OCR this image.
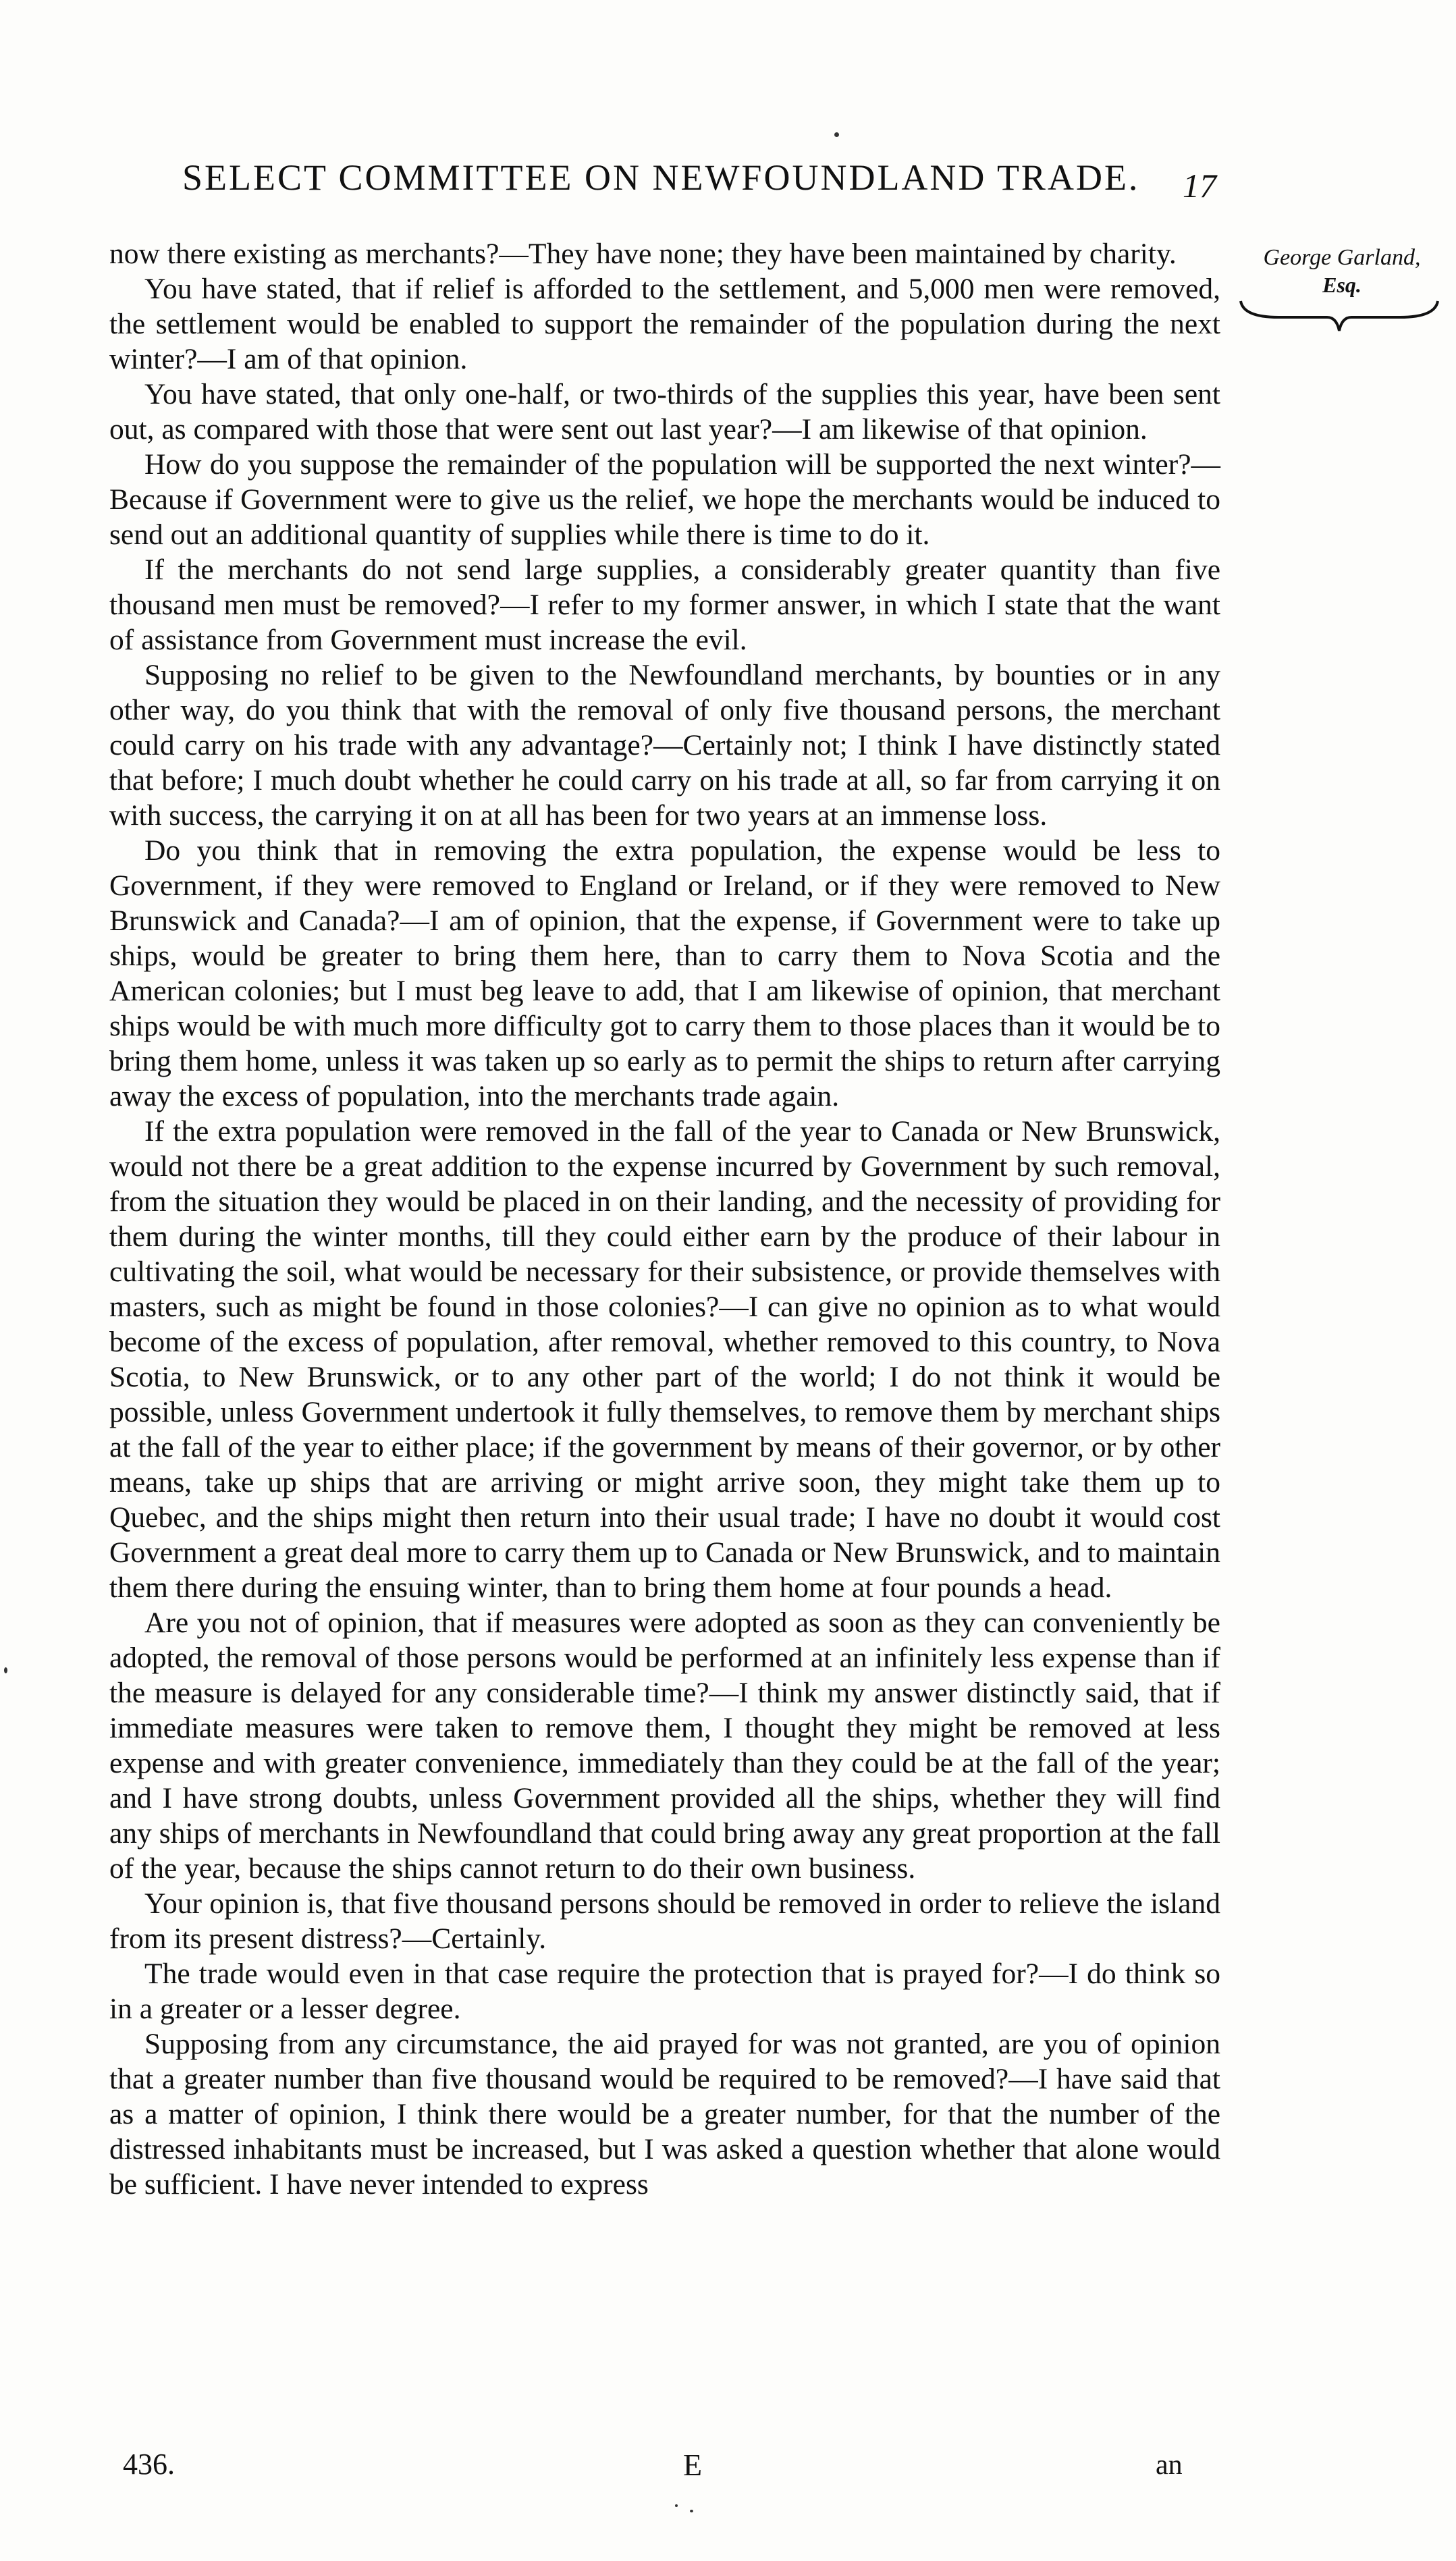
SELECT COMMITTEE ON NEWFOUNDLAND TRADE. 17
George Garland,
Esq.

now there existing as merchants?—They have none; they have been maintained by charity.

You have stated, that if relief is afforded to the settlement, and 5,000 men were removed, the settlement would be enabled to support the remainder of the population during the next winter?—I am of that opinion.

You have stated, that only one-half, or two-thirds of the supplies this year, have been sent out, as compared with those that were sent out last year?—I am likewise of that opinion.

How do you suppose the remainder of the population will be supported the next winter?—Because if Government were to give us the relief, we hope the merchants would be induced to send out an additional quantity of supplies while there is time to do it.

If the merchants do not send large supplies, a considerably greater quantity than five thousand men must be removed?—I refer to my former answer, in which I state that the want of assistance from Government must increase the evil.

Supposing no relief to be given to the Newfoundland merchants, by bounties or in any other way, do you think that with the removal of only five thousand persons, the merchant could carry on his trade with any advantage?—Certainly not; I think I have distinctly stated that before; I much doubt whether he could carry on his trade at all, so far from carrying it on with success, the carrying it on at all has been for two years at an immense loss.

Do you think that in removing the extra population, the expense would be less to Government, if they were removed to England or Ireland, or if they were removed to New Brunswick and Canada?—I am of opinion, that the expense, if Government were to take up ships, would be greater to bring them here, than to carry them to Nova Scotia and the American colonies; but I must beg leave to add, that I am likewise of opinion, that merchant ships would be with much more difficulty got to carry them to those places than it would be to bring them home, unless it was taken up so early as to permit the ships to return after carrying away the excess of population, into the merchants trade again.

If the extra population were removed in the fall of the year to Canada or New Brunswick, would not there be a great addition to the expense incurred by Government by such removal, from the situation they would be placed in on their landing, and the necessity of providing for them during the winter months, till they could either earn by the produce of their labour in cultivating the soil, what would be necessary for their subsistence, or provide themselves with masters, such as might be found in those colonies?—I can give no opinion as to what would become of the excess of population, after removal, whether removed to this country, to Nova Scotia, to New Brunswick, or to any other part of the world; I do not think it would be possible, unless Government undertook it fully themselves, to remove them by merchant ships at the fall of the year to either place; if the government by means of their governor, or by other means, take up ships that are arriving or might arrive soon, they might take them up to Quebec, and the ships might then return into their usual trade; I have no doubt it would cost Government a great deal more to carry them up to Canada or New Brunswick, and to maintain them there during the ensuing winter, than to bring them home at four pounds a head.

Are you not of opinion, that if measures were adopted as soon as they can conveniently be adopted, the removal of those persons would be performed at an infinitely less expense than if the measure is delayed for any considerable time?—I think my answer distinctly said, that if immediate measures were taken to remove them, I thought they might be removed at less expense and with greater convenience, immediately than they could be at the fall of the year; and I have strong doubts, unless Government provided all the ships, whether they will find any ships of merchants in Newfoundland that could bring away any great proportion at the fall of the year, because the ships cannot return to do their own business.

Your opinion is, that five thousand persons should be removed in order to relieve the island from its present distress?—Certainly.

The trade would even in that case require the protection that is prayed for?—I do think so in a greater or a lesser degree.

Supposing from any circumstance, the aid prayed for was not granted, are you of opinion that a greater number than five thousand would be required to be removed?—I have said that as a matter of opinion, I think there would be a greater number, for that the number of the distressed inhabitants must be increased, but I was asked a question whether that alone would be sufficient. I have never intended to express

436.	E	an
